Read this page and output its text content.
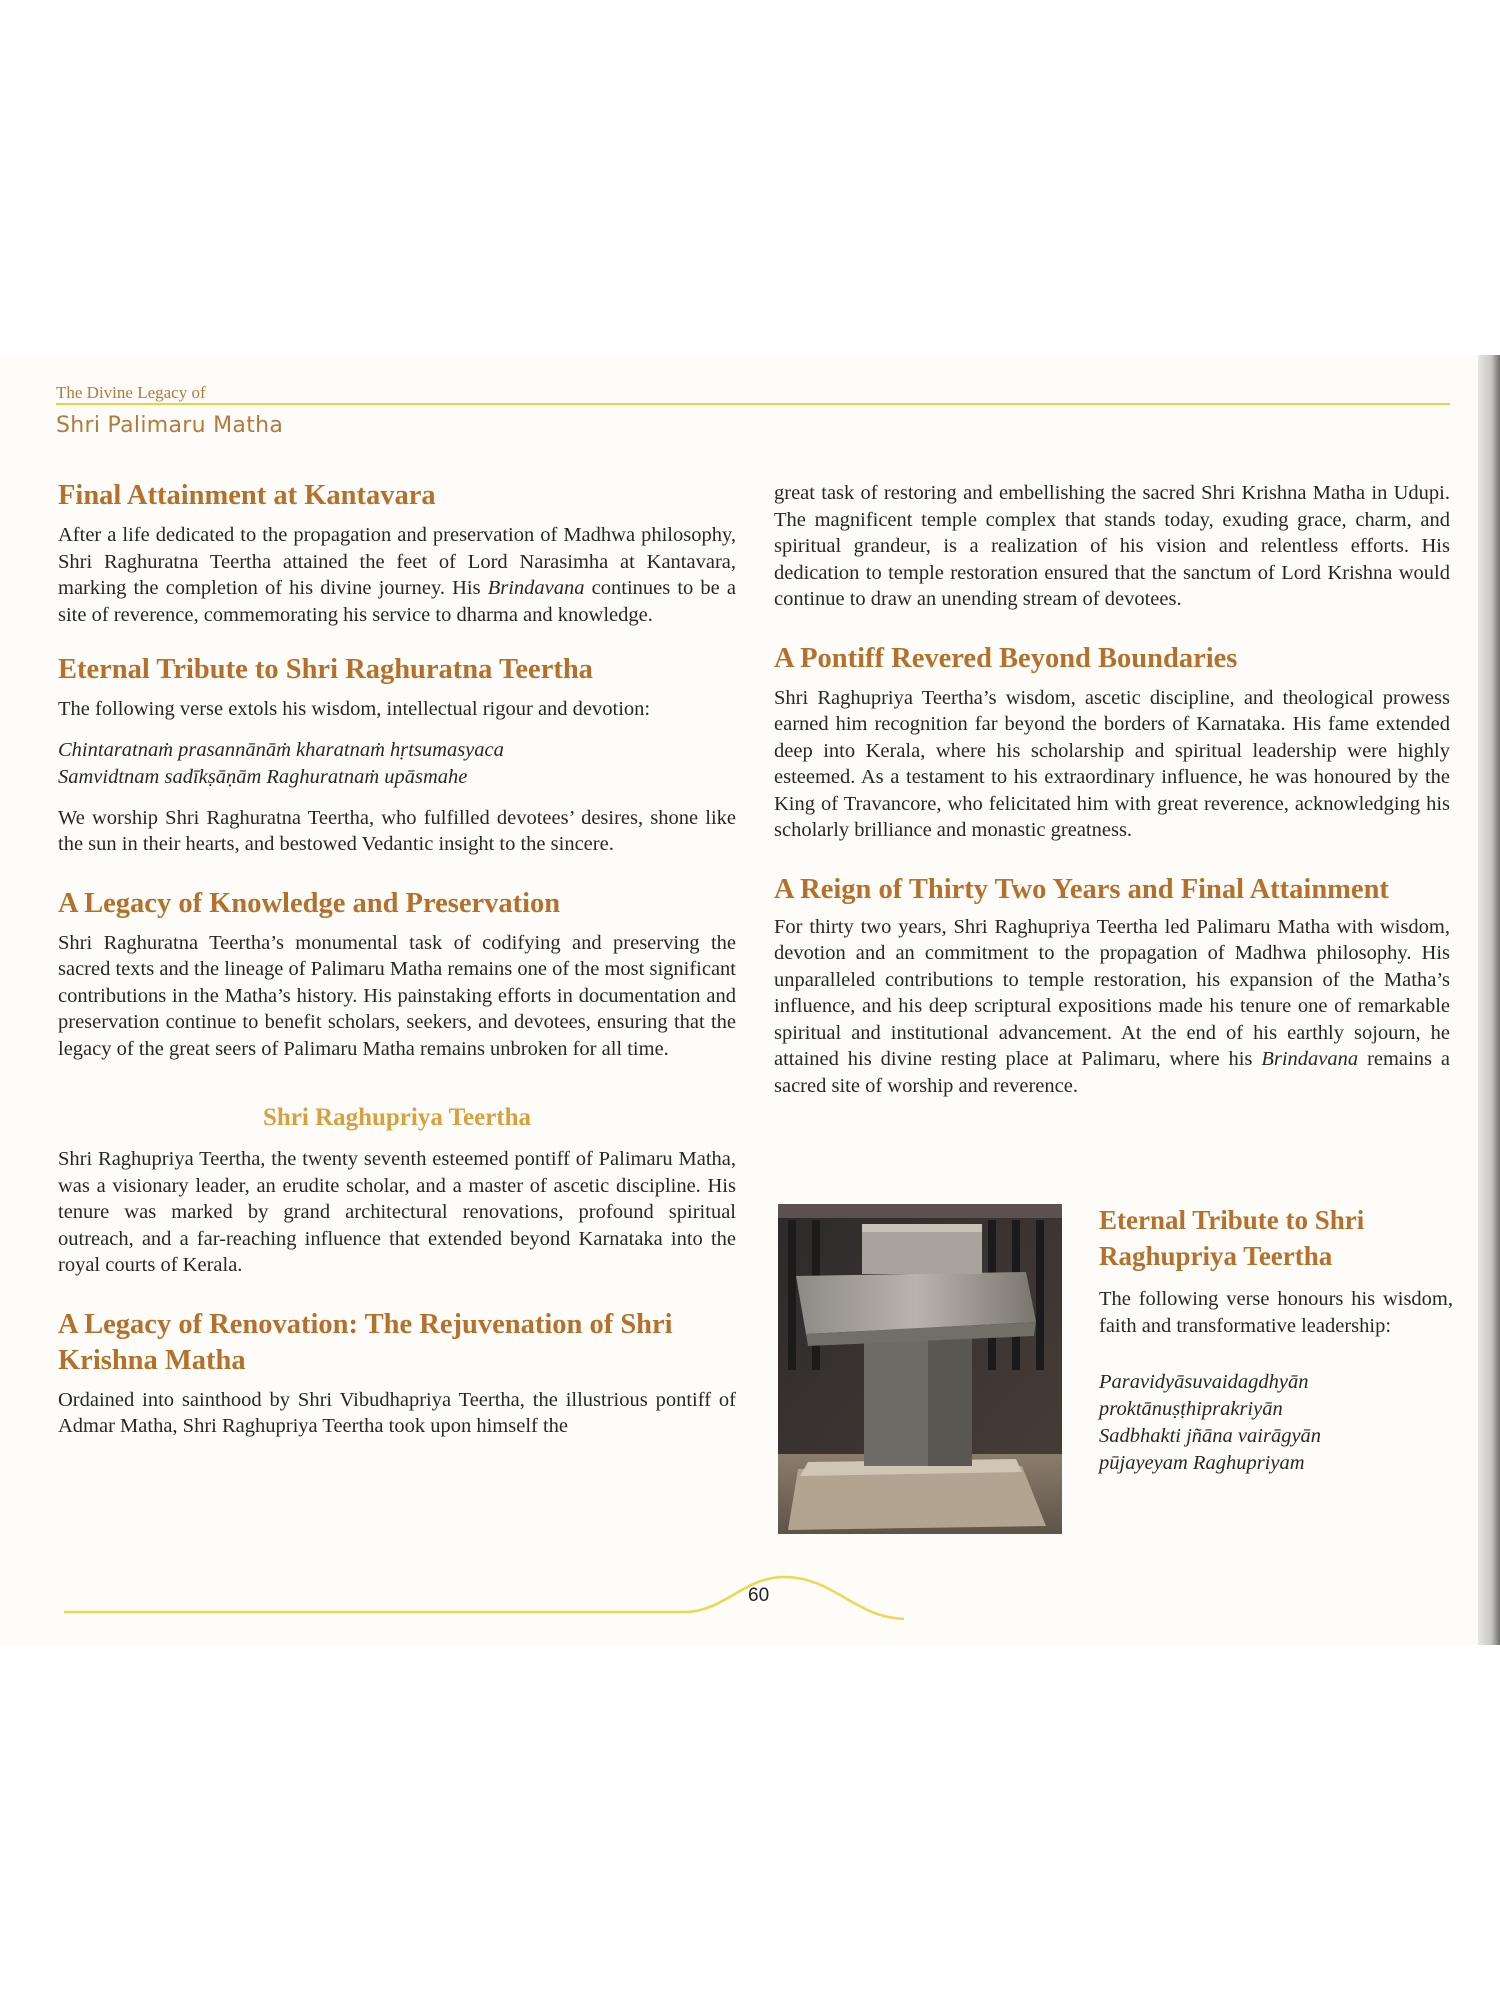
The Divine Legacy of
Shri Palimaru Matha
Final Attainment at Kantavara

After a life dedicated to the propagation and preservation of Madhwa philosophy, Shri Raghuratna Teertha attained the feet of Lord Narasimha at Kantavara, marking the completion of his divine journey. His Brindavana continues to be a site of reverence, commemorating his service to dharma and knowledge.

Eternal Tribute to Shri Raghuratna Teertha

The following verse extols his wisdom, intellectual rigour and devotion:

Chintaratnaṁ prasannānāṁ kharatnaṁ hṛtsumasyaca
Samvidtnam sadīkṣāṇām Raghuratnaṁ upāsmahe

We worship Shri Raghuratna Teertha, who fulfilled devotees’ desires, shone like the sun in their hearts, and bestowed Vedantic insight to the sincere.

A Legacy of Knowledge and Preservation

Shri Raghuratna Teertha’s monumental task of codifying and preserving the sacred texts and the lineage of Palimaru Matha remains one of the most significant contributions in the Matha’s history. His painstaking efforts in documentation and preservation continue to benefit scholars, seekers, and devotees, ensuring that the legacy of the great seers of Palimaru Matha remains unbroken for all time.

Shri Raghupriya Teertha

Shri Raghupriya Teertha, the twenty seventh esteemed pontiff of Palimaru Matha, was a visionary leader, an erudite scholar, and a master of ascetic discipline. His tenure was marked by grand architectural renovations, profound spiritual outreach, and a far-reaching influence that extended beyond Karnataka into the royal courts of Kerala.

A Legacy of Renovation: The Rejuvenation of Shri
Krishna Matha

Ordained into sainthood by Shri Vibudhapriya Teertha, the illustrious pontiff of Admar Matha, Shri Raghupriya Teertha took upon himself the

great task of restoring and embellishing the sacred Shri Krishna Matha in Udupi. The magnificent temple complex that stands today, exuding grace, charm, and spiritual grandeur, is a realization of his vision and relentless efforts. His dedication to temple restoration ensured that the sanctum of Lord Krishna would continue to draw an unending stream of devotees.

A Pontiff Revered Beyond Boundaries

Shri Raghupriya Teertha’s wisdom, ascetic discipline, and theological prowess earned him recognition far beyond the borders of Karnataka. His fame extended deep into Kerala, where his scholarship and spiritual leadership were highly esteemed. As a testament to his extraordinary influence, he was honoured by the King of Travancore, who felicitated him with great reverence, acknowledging his scholarly brilliance and monastic greatness.

A Reign of Thirty Two Years and Final Attainment

For thirty two years, Shri Raghupriya Teertha led Palimaru Matha with wisdom, devotion and an commitment to the propagation of Madhwa philosophy. His unparalleled contributions to temple restoration, his expansion of the Matha’s influence, and his deep scriptural expositions made his tenure one of remarkable spiritual and institutional advancement. At the end of his earthly sojourn, he attained his divine resting place at Palimaru, where his Brindavana remains a sacred site of worship and reverence.

Eternal Tribute to Shri
Raghupriya Teertha

The following verse honours his wisdom, faith and transformative leadership:

Paravidyāsuvaidagdhyān
proktānuṣṭhiprakriyān
Sadbhakti jñāna vairāgyān
pūjayeyam Raghupriyam
60
